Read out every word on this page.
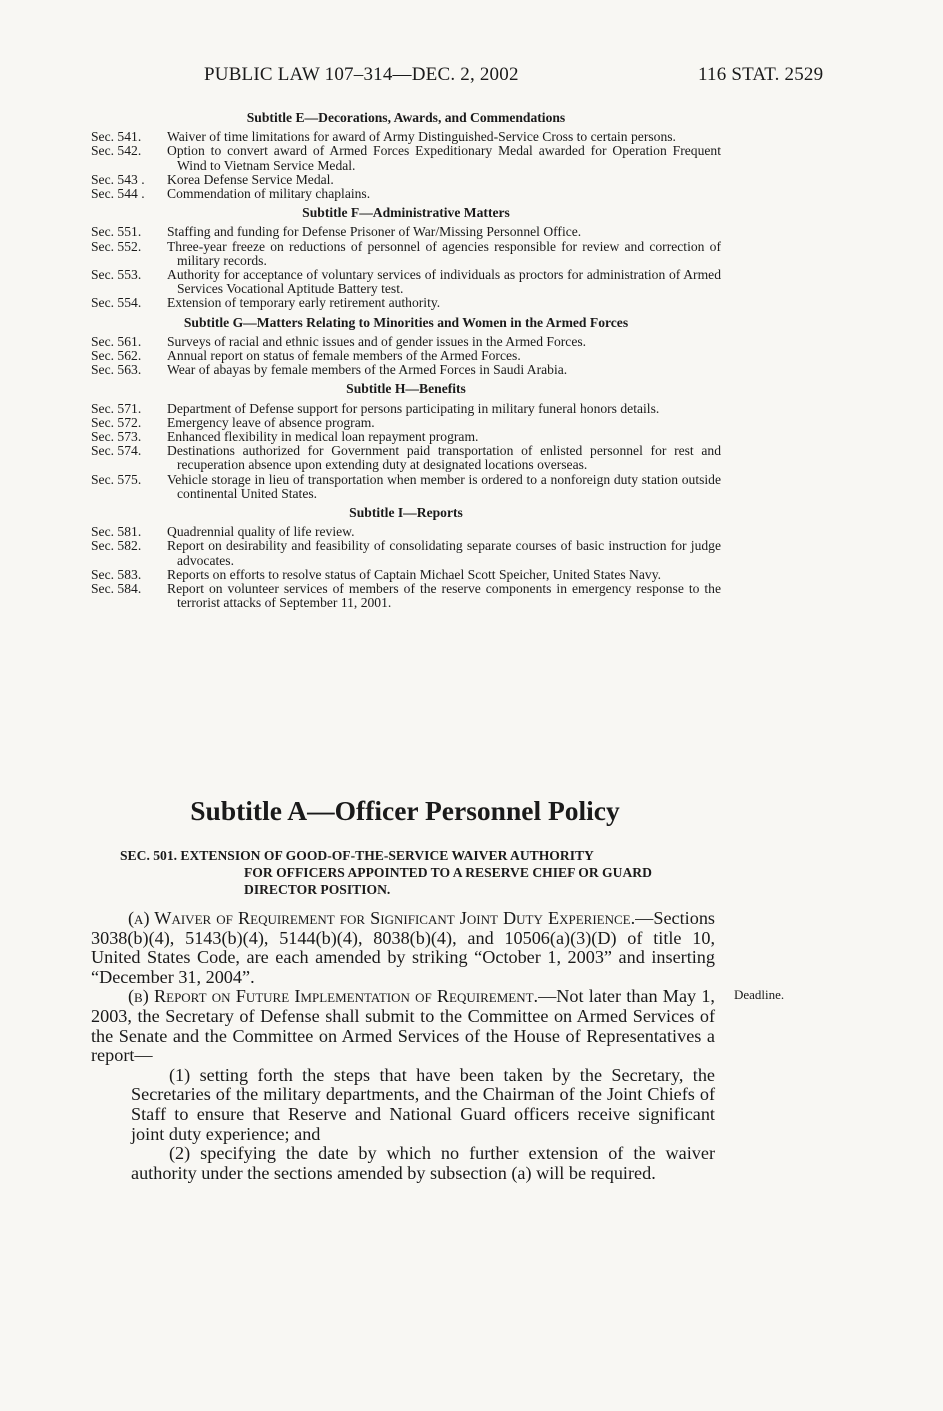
PUBLIC LAW 107–314—DEC. 2, 2002	116 STAT. 2529
Subtitle E—Decorations, Awards, and Commendations
Sec. 541.	Waiver of time limitations for award of Army Distinguished-Service Cross to certain persons.
Sec. 542.	Option to convert award of Armed Forces Expeditionary Medal awarded for Operation Frequent Wind to Vietnam Service Medal.
Sec. 543 .	Korea Defense Service Medal.
Sec. 544 .	Commendation of military chaplains.
Subtitle F—Administrative Matters
Sec. 551.	Staffing and funding for Defense Prisoner of War/Missing Personnel Office.
Sec. 552.	Three-year freeze on reductions of personnel of agencies responsible for review and correction of military records.
Sec. 553.	Authority for acceptance of voluntary services of individuals as proctors for administration of Armed Services Vocational Aptitude Battery test.
Sec. 554.	Extension of temporary early retirement authority.
Subtitle G—Matters Relating to Minorities and Women in the Armed Forces
Sec. 561.	Surveys of racial and ethnic issues and of gender issues in the Armed Forces.
Sec. 562.	Annual report on status of female members of the Armed Forces.
Sec. 563.	Wear of abayas by female members of the Armed Forces in Saudi Arabia.
Subtitle H—Benefits
Sec. 571.	Department of Defense support for persons participating in military funeral honors details.
Sec. 572.	Emergency leave of absence program.
Sec. 573.	Enhanced flexibility in medical loan repayment program.
Sec. 574.	Destinations authorized for Government paid transportation of enlisted personnel for rest and recuperation absence upon extending duty at designated locations overseas.
Sec. 575.	Vehicle storage in lieu of transportation when member is ordered to a nonforeign duty station outside continental United States.
Subtitle I—Reports
Sec. 581.	Quadrennial quality of life review.
Sec. 582.	Report on desirability and feasibility of consolidating separate courses of basic instruction for judge advocates.
Sec. 583.	Reports on efforts to resolve status of Captain Michael Scott Speicher, United States Navy.
Sec. 584.	Report on volunteer services of members of the reserve components in emergency response to the terrorist attacks of September 11, 2001.
Subtitle A—Officer Personnel Policy
SEC. 501. EXTENSION OF GOOD-OF-THE-SERVICE WAIVER AUTHORITY
FOR OFFICERS APPOINTED TO A RESERVE CHIEF OR GUARD DIRECTOR POSITION.

(a) Waiver of Requirement for Significant Joint Duty Experience.—Sections 3038(b)(4), 5143(b)(4), 5144(b)(4), 8038(b)(4), and 10506(a)(3)(D) of title 10, United States Code, are each amended by striking “October 1, 2003” and inserting “December 31, 2004”.

(b) Report on Future Implementation of Requirement.—Not later than May 1, 2003, the Secretary of Defense shall submit to the Committee on Armed Services of the Senate and the Committee on Armed Services of the House of Representatives a report—

(1) setting forth the steps that have been taken by the Secretary, the Secretaries of the military departments, and the Chairman of the Joint Chiefs of Staff to ensure that Reserve and National Guard officers receive significant joint duty experience; and

(2) specifying the date by which no further extension of the waiver authority under the sections amended by subsection (a) will be required.

Deadline.
